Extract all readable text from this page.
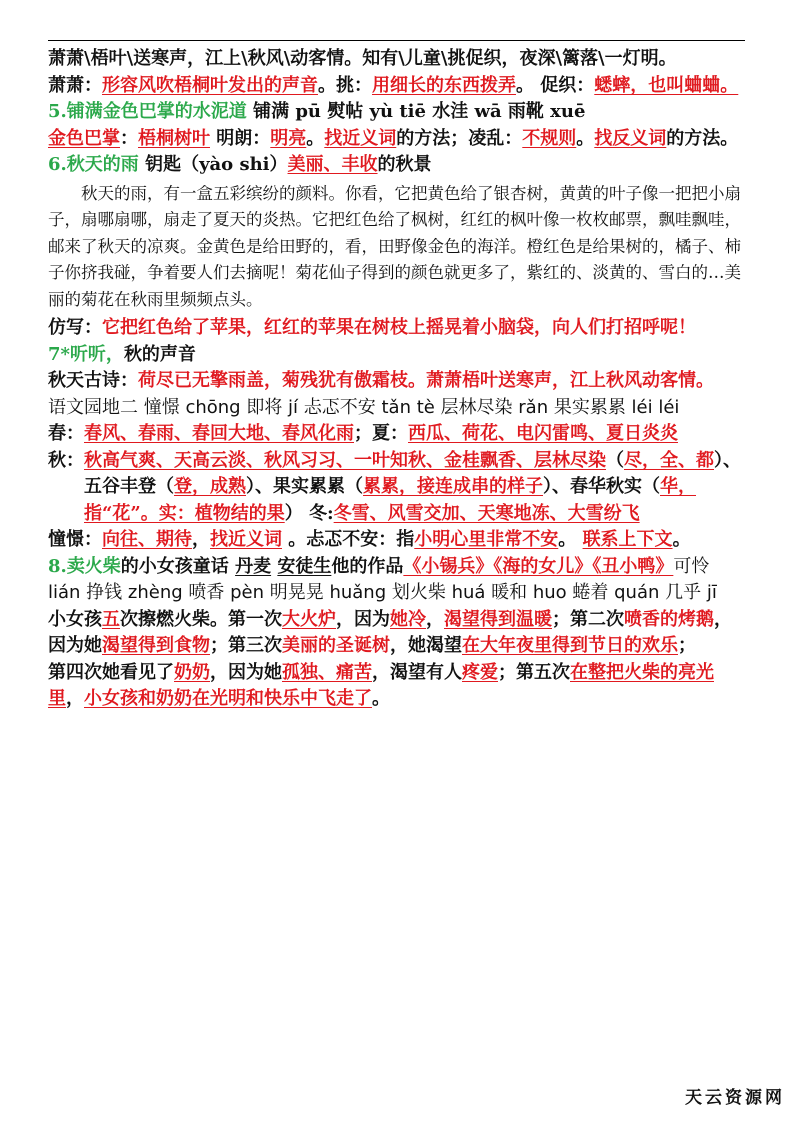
萧萧\梧叶\送寒声，江上\秋风\动客情。知有\儿童\挑促织，夜深\篱落\一灯明。

萧萧：形容风吹梧桐叶发出的声音。挑：用细长的东西拨弄。 促织：蟋蟀，也叫蛐蛐。

5.铺满金色巴掌的水泥道 铺满 pū 熨帖 yù tiē 水洼 wā 雨靴 xuē

金色巴掌：梧桐树叶 明朗：明亮。找近义词的方法；凌乱：不规则。找反义词的方法。

6.秋天的雨 钥匙（yào shi）美丽、丰收的秋景

秋天的雨，有一盒五彩缤纷的颜料。你看，它把黄色给了银杏树，黄黄的叶子像一把把小扇子，扇哪扇哪，扇走了夏天的炎热。它把红色给了枫树，红红的枫叶像一枚枚邮票，飘哇飘哇，邮来了秋天的凉爽。金黄色是给田野的，看，田野像金色的海洋。橙红色是给果树的，橘子、柿子你挤我碰，争着要人们去摘呢！菊花仙子得到的颜色就更多了，紫红的、淡黄的、雪白的…美丽的菊花在秋雨里频频点头。

仿写：它把红色给了苹果，红红的苹果在树枝上摇晃着小脑袋，向人们打招呼呢！

7*听听，秋的声音

秋天古诗：荷尽已无擎雨盖，菊残犹有傲霜枝。萧萧梧叶送寒声，江上秋风动客情。

语文园地二 憧憬 chōng 即将 jí 忐忑不安 tǎn tè 层林尽染 rǎn 果实累累 léi léi

春：春风、春雨、春回大地、春风化雨；夏：西瓜、荷花、电闪雷鸣、夏日炎炎

秋：秋高气爽、天高云淡、秋风习习、一叶知秋、金桂飘香、层林尽染（尽，全、都）、五谷丰登（登，成熟）、果实累累（累累，接连成串的样子）、春华秋实（华，指“花”。实：植物结的果） 冬:冬雪、风雪交加、天寒地冻、大雪纷飞

憧憬：向往、期待，找近义词 。忐忑不安：指小明心里非常不安。 联系上下文。

8.卖火柴的小女孩童话 丹麦 安徒生他的作品《小锡兵》《海的女儿》《丑小鸭》可怜 lián 挣钱 zhèng 喷香 pèn 明晃晃 huǎng 划火柴 huá 暖和 huo 蜷着 quán 几乎 jī

小女孩五次擦燃火柴。第一次大火炉，因为她冷，渴望得到温暖；第二次喷香的烤鹅，因为她渴望得到食物；第三次美丽的圣诞树，她渴望在大年夜里得到节日的欢乐；

第四次她看见了奶奶，因为她孤独、痛苦，渴望有人疼爱；第五次在整把火柴的亮光里，小女孩和奶奶在光明和快乐中飞走了。

天云资源网
